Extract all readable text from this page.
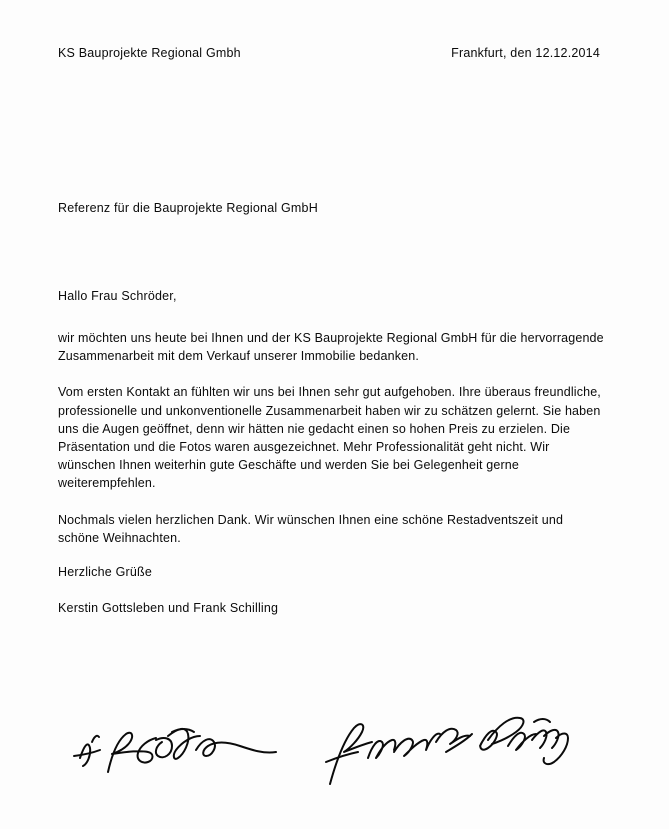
KS Bauprojekte Regional Gmbh	Frankfurt, den 12.12.2014
Referenz für die Bauprojekte Regional GmbH
Hallo Frau Schröder,

wir möchten uns heute bei Ihnen und der KS Bauprojekte Regional GmbH für die hervorragende Zusammenarbeit mit dem Verkauf unserer Immobilie bedanken.

Vom ersten Kontakt an fühlten wir uns bei Ihnen sehr gut aufgehoben. Ihre überaus freundliche, professionelle und unkonventionelle Zusammenarbeit haben wir zu schätzen gelernt. Sie haben uns die Augen geöffnet, denn wir hätten nie gedacht einen so hohen Preis zu erzielen. Die Präsentation und die Fotos waren ausgezeichnet. Mehr Professionalität geht nicht. Wir wünschen Ihnen weiterhin gute Geschäfte und werden Sie bei Gelegenheit gerne weiterempfehlen.

Nochmals vielen herzlichen Dank. Wir wünschen Ihnen eine schöne Restadventszeit und schöne Weihnachten.

Herzliche Grüße

Kerstin Gottsleben und Frank Schilling
